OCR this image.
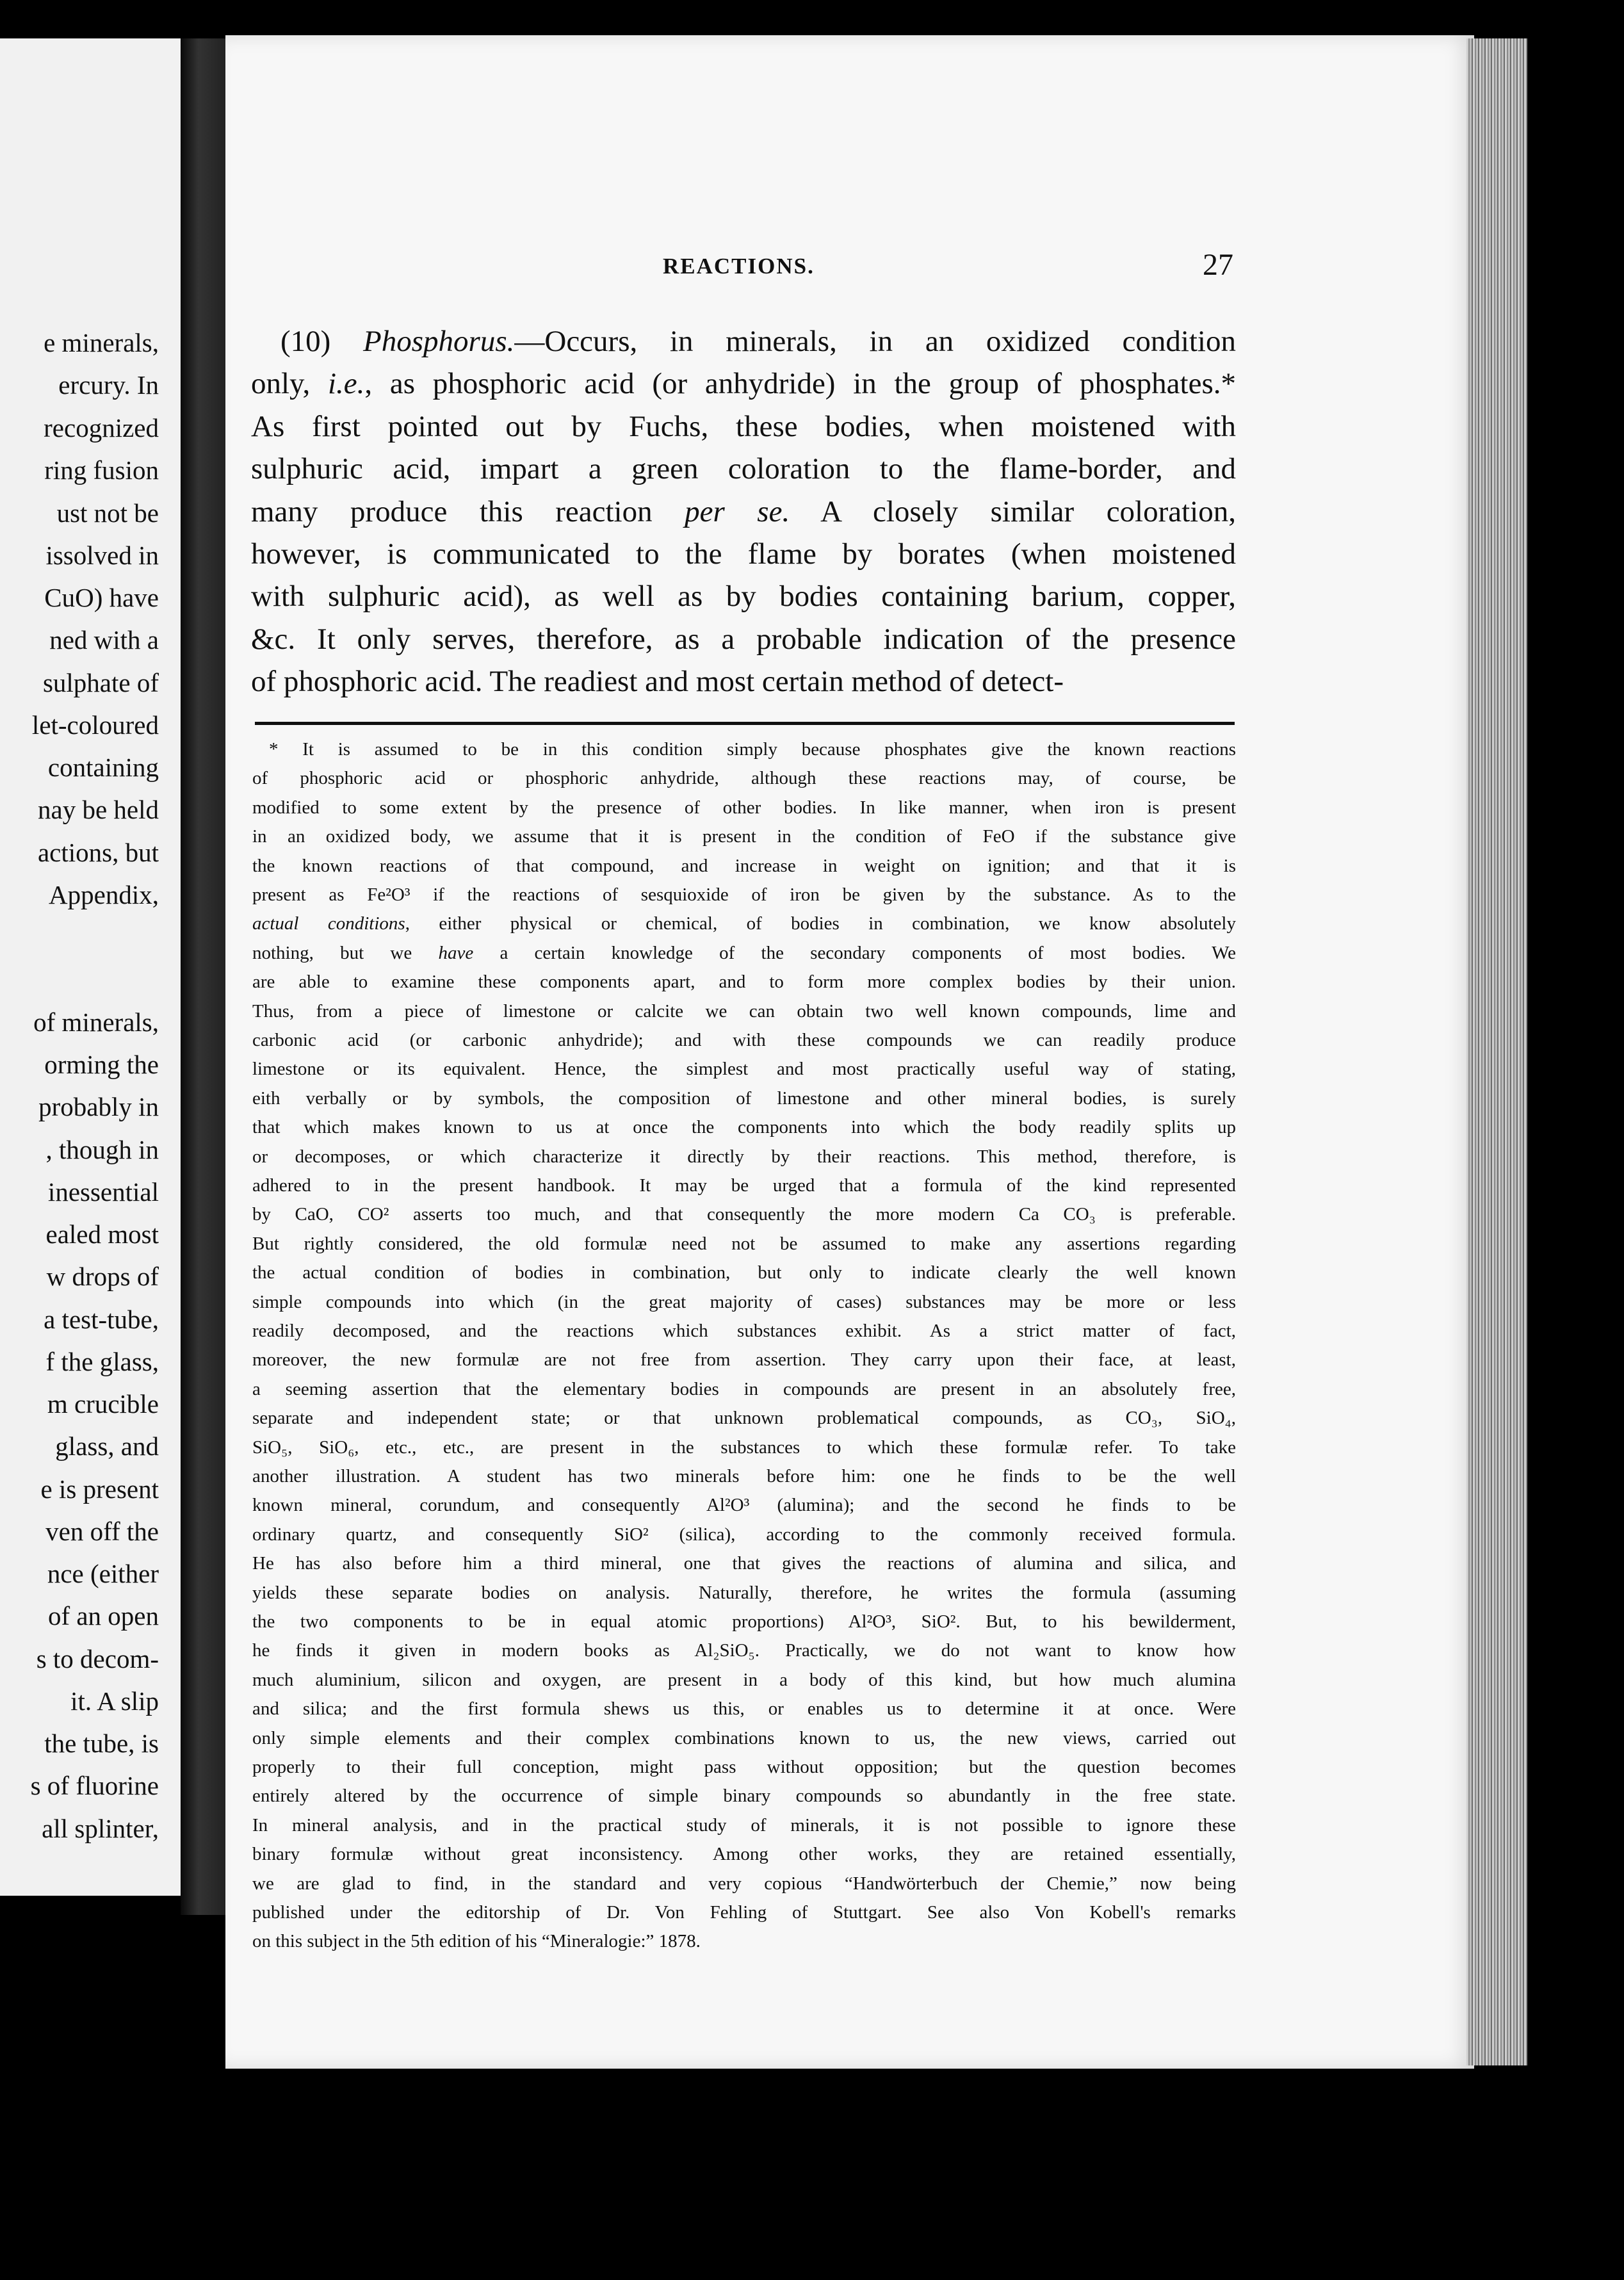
e minerals,
ercury. In
recognized
ring fusion
ust not be
issolved in
CuO) have
ned with a
sulphate of
let-coloured
containing
nay be held
actions, but
Appendix,
of minerals,
orming the
probably in
, though in
inessential
ealed most
w drops of
a test-tube,
f the glass,
m crucible
glass, and
e is present
ven off the
nce (either
of an open
s to decom-
it. A slip
the tube, is
s of fluorine
all splinter,
REACTIONS.	27
(10) Phosphorus.—Occurs, in minerals, in an oxidized condition
only, i.e., as phosphoric acid (or anhydride) in the group of phosphates.*
As first pointed out by Fuchs, these bodies, when moistened with
sulphuric acid, impart a green coloration to the flame-border, and
many produce this reaction per se. A closely similar coloration,
however, is communicated to the flame by borates (when moistened
with sulphuric acid), as well as by bodies containing barium, copper,
&c. It only serves, therefore, as a probable indication of the presence
of phosphoric acid. The readiest and most certain method of detect-
* It is assumed to be in this condition simply because phosphates give the known reactions
of phosphoric acid or phosphoric anhydride, although these reactions may, of course, be
modified to some extent by the presence of other bodies. In like manner, when iron is present
in an oxidized body, we assume that it is present in the condition of FeO if the substance give
the known reactions of that compound, and increase in weight on ignition; and that it is
present as Fe²O³ if the reactions of sesquioxide of iron be given by the substance. As to the
actual conditions, either physical or chemical, of bodies in combination, we know absolutely
nothing, but we have a certain knowledge of the secondary components of most bodies. We
are able to examine these components apart, and to form more complex bodies by their union.
Thus, from a piece of limestone or calcite we can obtain two well known compounds, lime and
carbonic acid (or carbonic anhydride); and with these compounds we can readily produce
limestone or its equivalent. Hence, the simplest and most practically useful way of stating,
eith verbally or by symbols, the composition of limestone and other mineral bodies, is surely
that which makes known to us at once the components into which the body readily splits up
or decomposes, or which characterize it directly by their reactions. This method, therefore, is
adhered to in the present handbook. It may be urged that a formula of the kind represented
by CaO, CO² asserts too much, and that consequently the more modern Ca CO₃ is preferable.
But rightly considered, the old formulæ need not be assumed to make any assertions regarding
the actual condition of bodies in combination, but only to indicate clearly the well known
simple compounds into which (in the great majority of cases) substances may be more or less
readily decomposed, and the reactions which substances exhibit. As a strict matter of fact,
moreover, the new formulæ are not free from assertion. They carry upon their face, at least,
a seeming assertion that the elementary bodies in compounds are present in an absolutely free,
separate and independent state; or that unknown problematical compounds, as CO₃, SiO₄,
SiO₅, SiO₆, etc., etc., are present in the substances to which these formulæ refer. To take
another illustration. A student has two minerals before him: one he finds to be the well
known mineral, corundum, and consequently Al²O³ (alumina); and the second he finds to be
ordinary quartz, and consequently SiO² (silica), according to the commonly received formula.
He has also before him a third mineral, one that gives the reactions of alumina and silica, and
yields these separate bodies on analysis. Naturally, therefore, he writes the formula (assuming
the two components to be in equal atomic proportions) Al²O³, SiO². But, to his bewilderment,
he finds it given in modern books as Al₂SiO₅. Practically, we do not want to know how
much aluminium, silicon and oxygen, are present in a body of this kind, but how much alumina
and silica; and the first formula shews us this, or enables us to determine it at once. Were
only simple elements and their complex combinations known to us, the new views, carried out
properly to their full conception, might pass without opposition; but the question becomes
entirely altered by the occurrence of simple binary compounds so abundantly in the free state.
In mineral analysis, and in the practical study of minerals, it is not possible to ignore these
binary formulæ without great inconsistency. Among other works, they are retained essentially,
we are glad to find, in the standard and very copious “Handwörterbuch der Chemie,” now being
published under the editorship of Dr. Von Fehling of Stuttgart. See also Von Kobell's remarks
on this subject in the 5th edition of his “Mineralogie:” 1878.
